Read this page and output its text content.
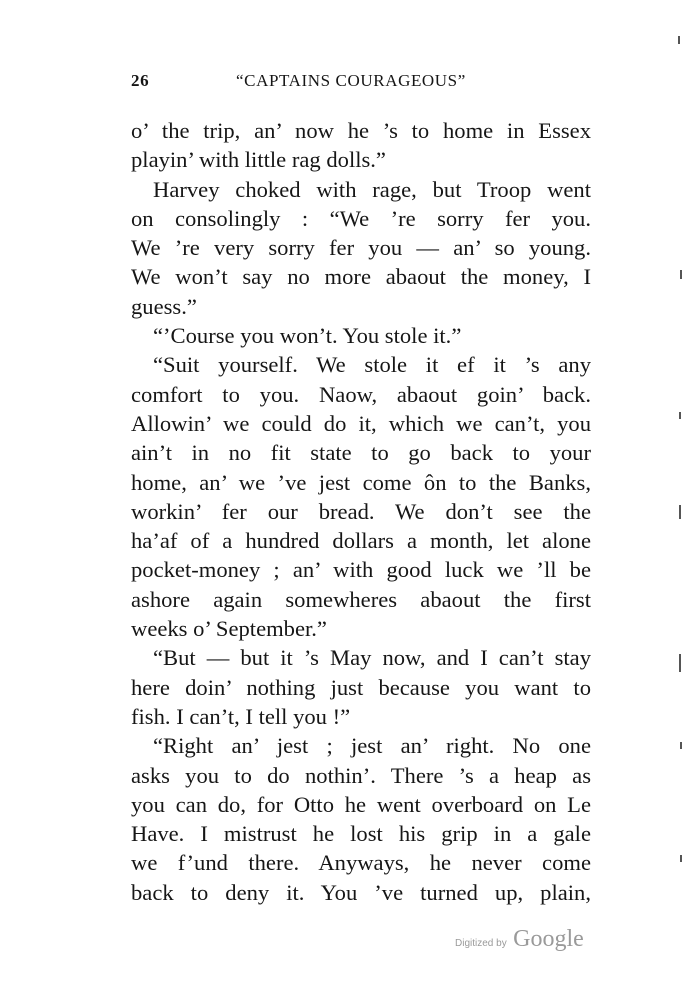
26	“CAPTAINS COURAGEOUS”
o’ the trip, an’ now he ’s to home in Essex
playin’ with little rag dolls.”
Harvey choked with rage, but Troop went
on consolingly : “We ’re sorry fer you.
We ’re very sorry fer you — an’ so young.
We won’t say no more abaout the money, I
guess.”
“’Course you won’t. You stole it.”
“Suit yourself. We stole it ef it ’s any
comfort to you. Naow, abaout goin’ back.
Allowin’ we could do it, which we can’t, you
ain’t in no fit state to go back to your
home, an’ we ’ve jest come ôn to the Banks,
workin’ fer our bread. We don’t see the
ha’af of a hundred dollars a month, let alone
pocket-money ; an’ with good luck we ’ll be
ashore again somewheres abaout the first
weeks o’ September.”
“But — but it ’s May now, and I can’t stay
here doin’ nothing just because you want to
fish. I can’t, I tell you !”
“Right an’ jest ; jest an’ right. No one
asks you to do nothin’. There ’s a heap as
you can do, for Otto he went overboard on Le
Have. I mistrust he lost his grip in a gale
we f’und there. Anyways, he never come
back to deny it. You ’ve turned up, plain,
Digitized by Google
